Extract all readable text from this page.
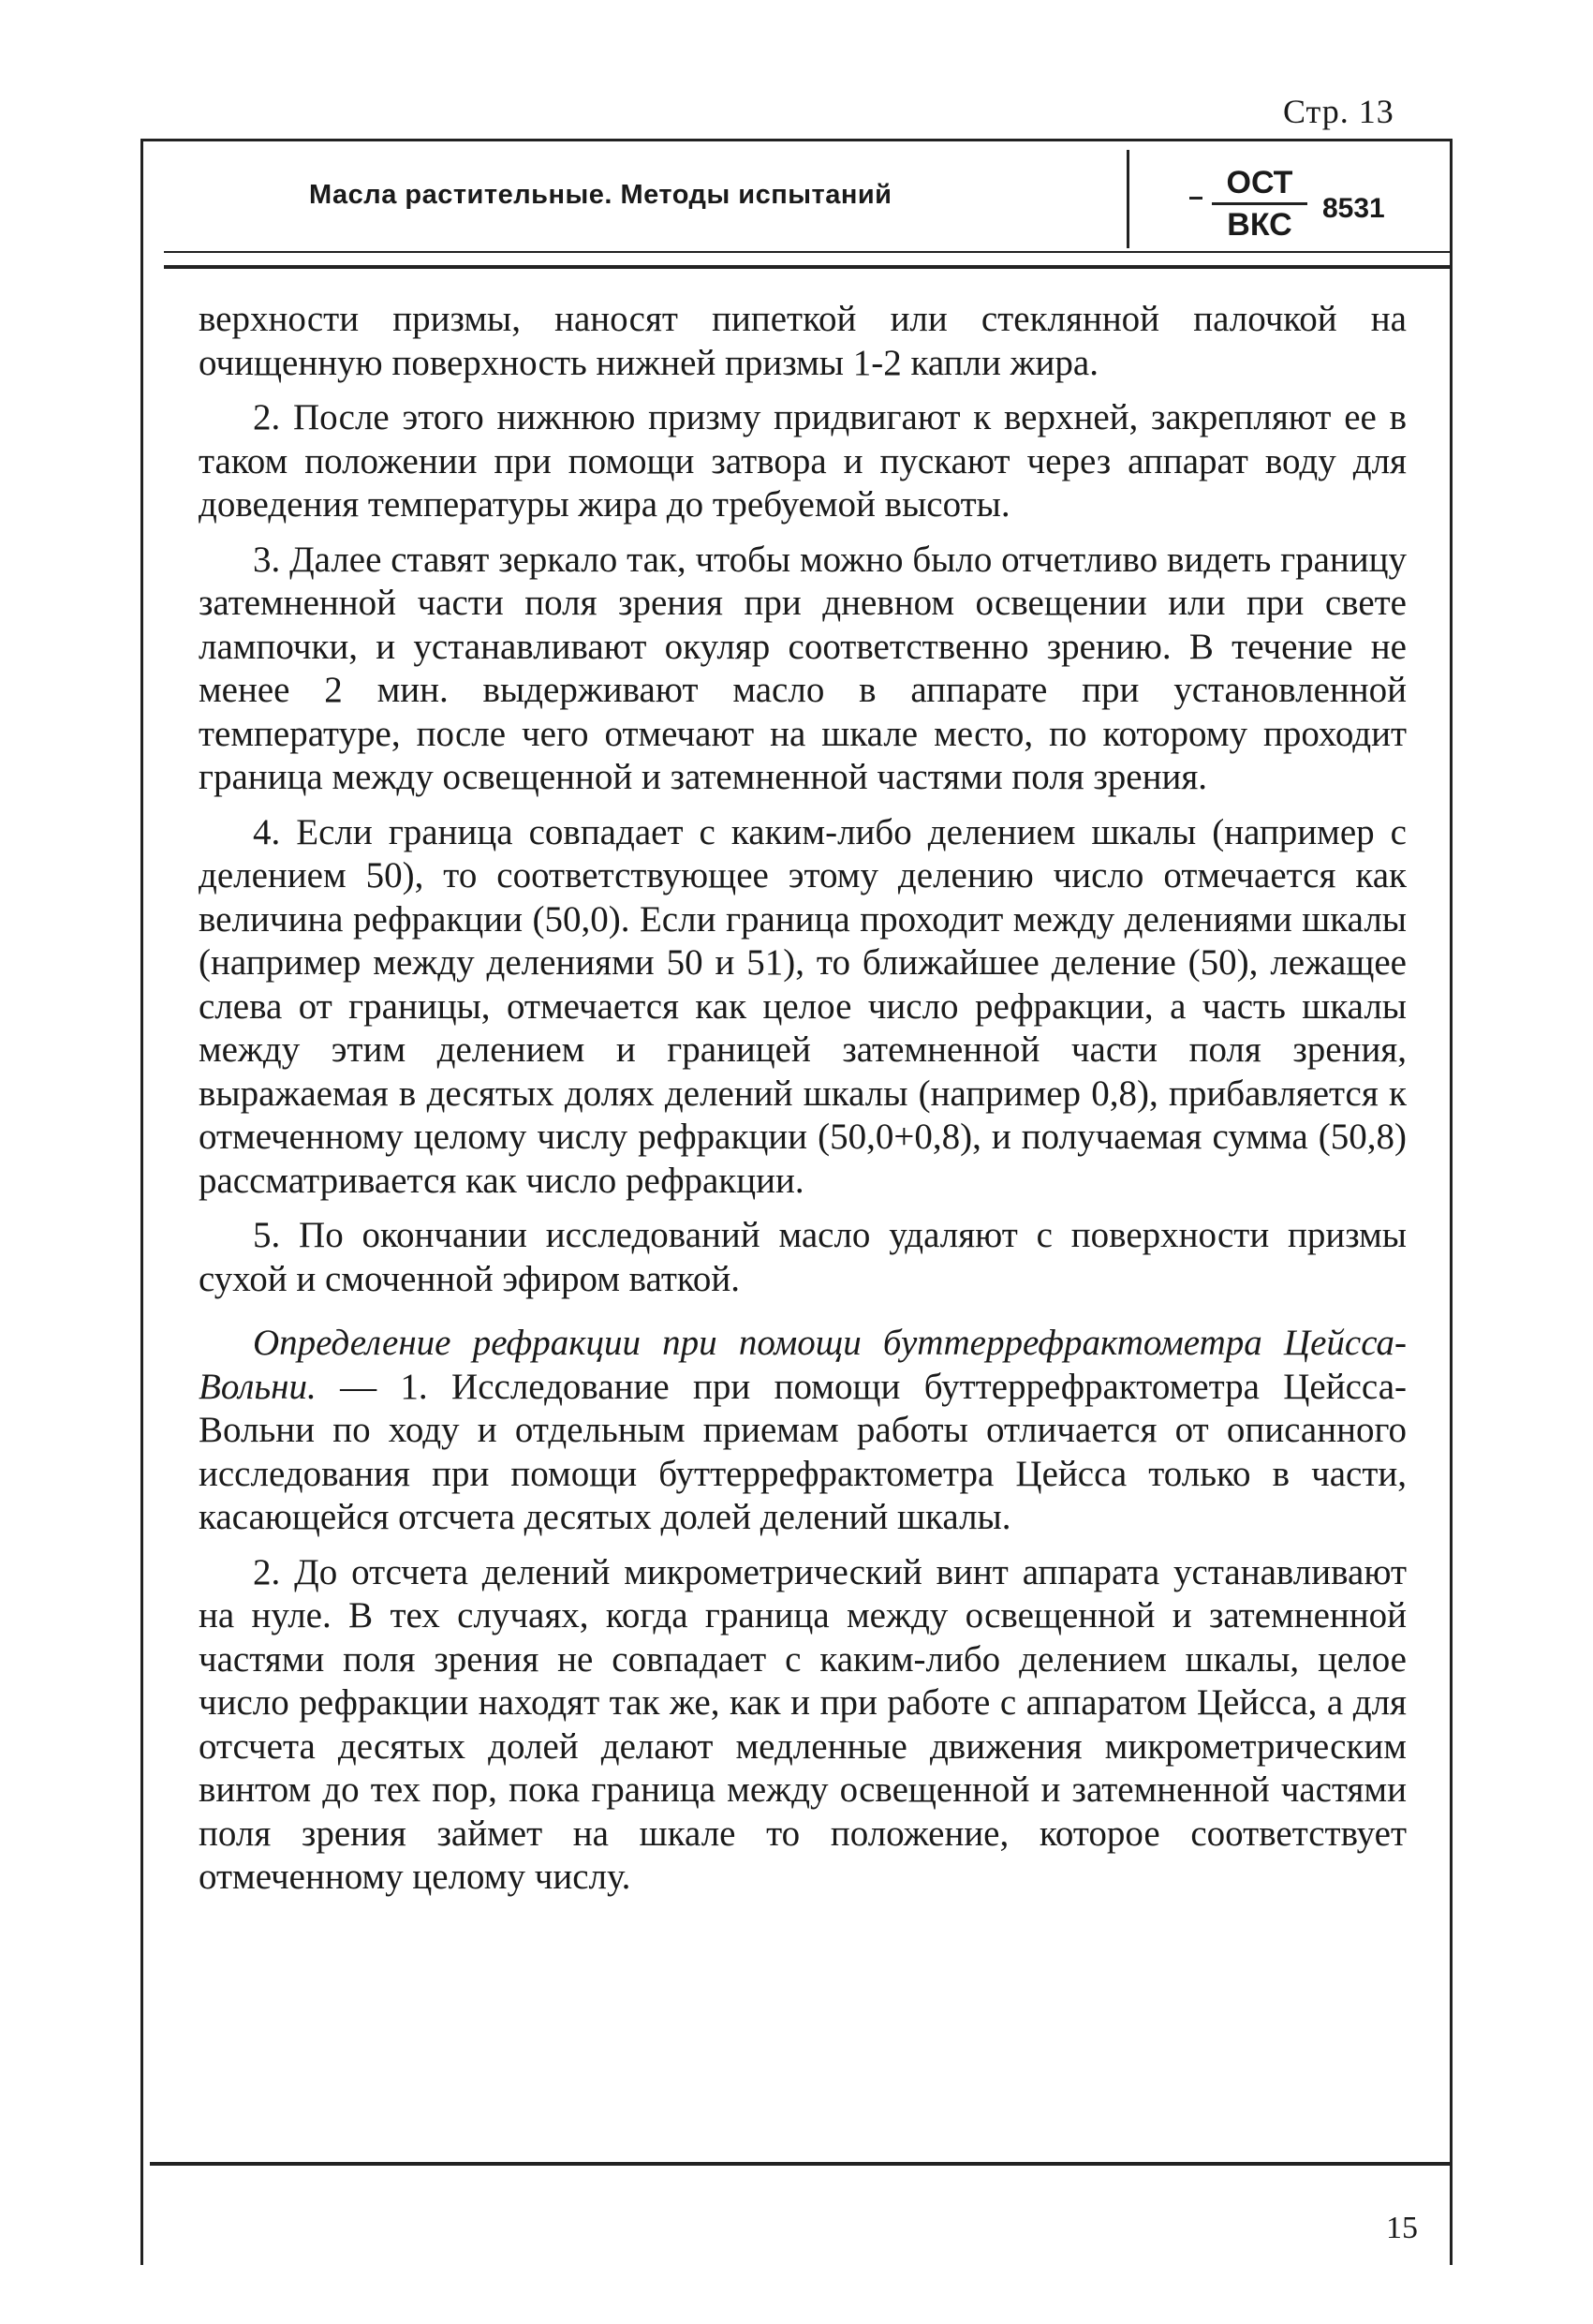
Стр. 13
Масла растительные. Методы испытаний	ОСТ
ВКС	8531

верхности призмы, наносят пипеткой или стеклянной палочкой на очищенную поверхность нижней призмы 1-2 капли жира.

2. После этого нижнюю призму придвигают к верхней, закрепляют ее в таком положении при помощи затвора и пускают через аппарат воду для доведения температуры жира до требуемой высоты.

3. Далее ставят зеркало так, чтобы можно было отчетливо видеть границу затемненной части поля зрения при дневном освещении или при свете лампочки, и устанавливают окуляр соответственно зрению. В течение не менее 2 мин. выдерживают масло в аппарате при установленной температуре, после чего отмечают на шкале место, по которому проходит граница между освещенной и затемненной частями поля зрения.

4. Если граница совпадает с каким-либо делением шкалы (например с делением 50), то соответствующее этому делению число отмечается как величина рефракции (50,0). Если граница проходит между делениями шкалы (например между делениями 50 и 51), то ближайшее деление (50), лежащее слева от границы, отмечается как целое число рефракции, а часть шкалы между этим делением и границей затемненной части поля зрения, выражаемая в десятых долях делений шкалы (например 0,8), прибавляется к отмеченному целому числу рефракции (50,0+0,8), и получаемая сумма (50,8) рассматривается как число рефракции.

5. По окончании исследований масло удаляют с поверхности призмы сухой и смоченной эфиром ваткой.

Определение рефракции при помощи буттеррефрактометра Цейсса-Вольни. — 1. Исследование при помощи буттеррефрактометра Цейсса-Вольни по ходу и отдельным приемам работы отличается от описанного исследования при помощи буттеррефрактометра Цейсса только в части, касающейся отсчета десятых долей делений шкалы.

2. До отсчета делений микрометрический винт аппарата устанавливают на нуле. В тех случаях, когда граница между освещенной и затемненной частями поля зрения не совпадает с каким-либо делением шкалы, целое число рефракции находят так же, как и при работе с аппаратом Цейсса, а для отсчета десятых долей делают медленные движения микрометрическим винтом до тех пор, пока граница между освещенной и затемненной частями поля зрения займет на шкале то положение, которое соответствует отмеченному целому числу.

15
